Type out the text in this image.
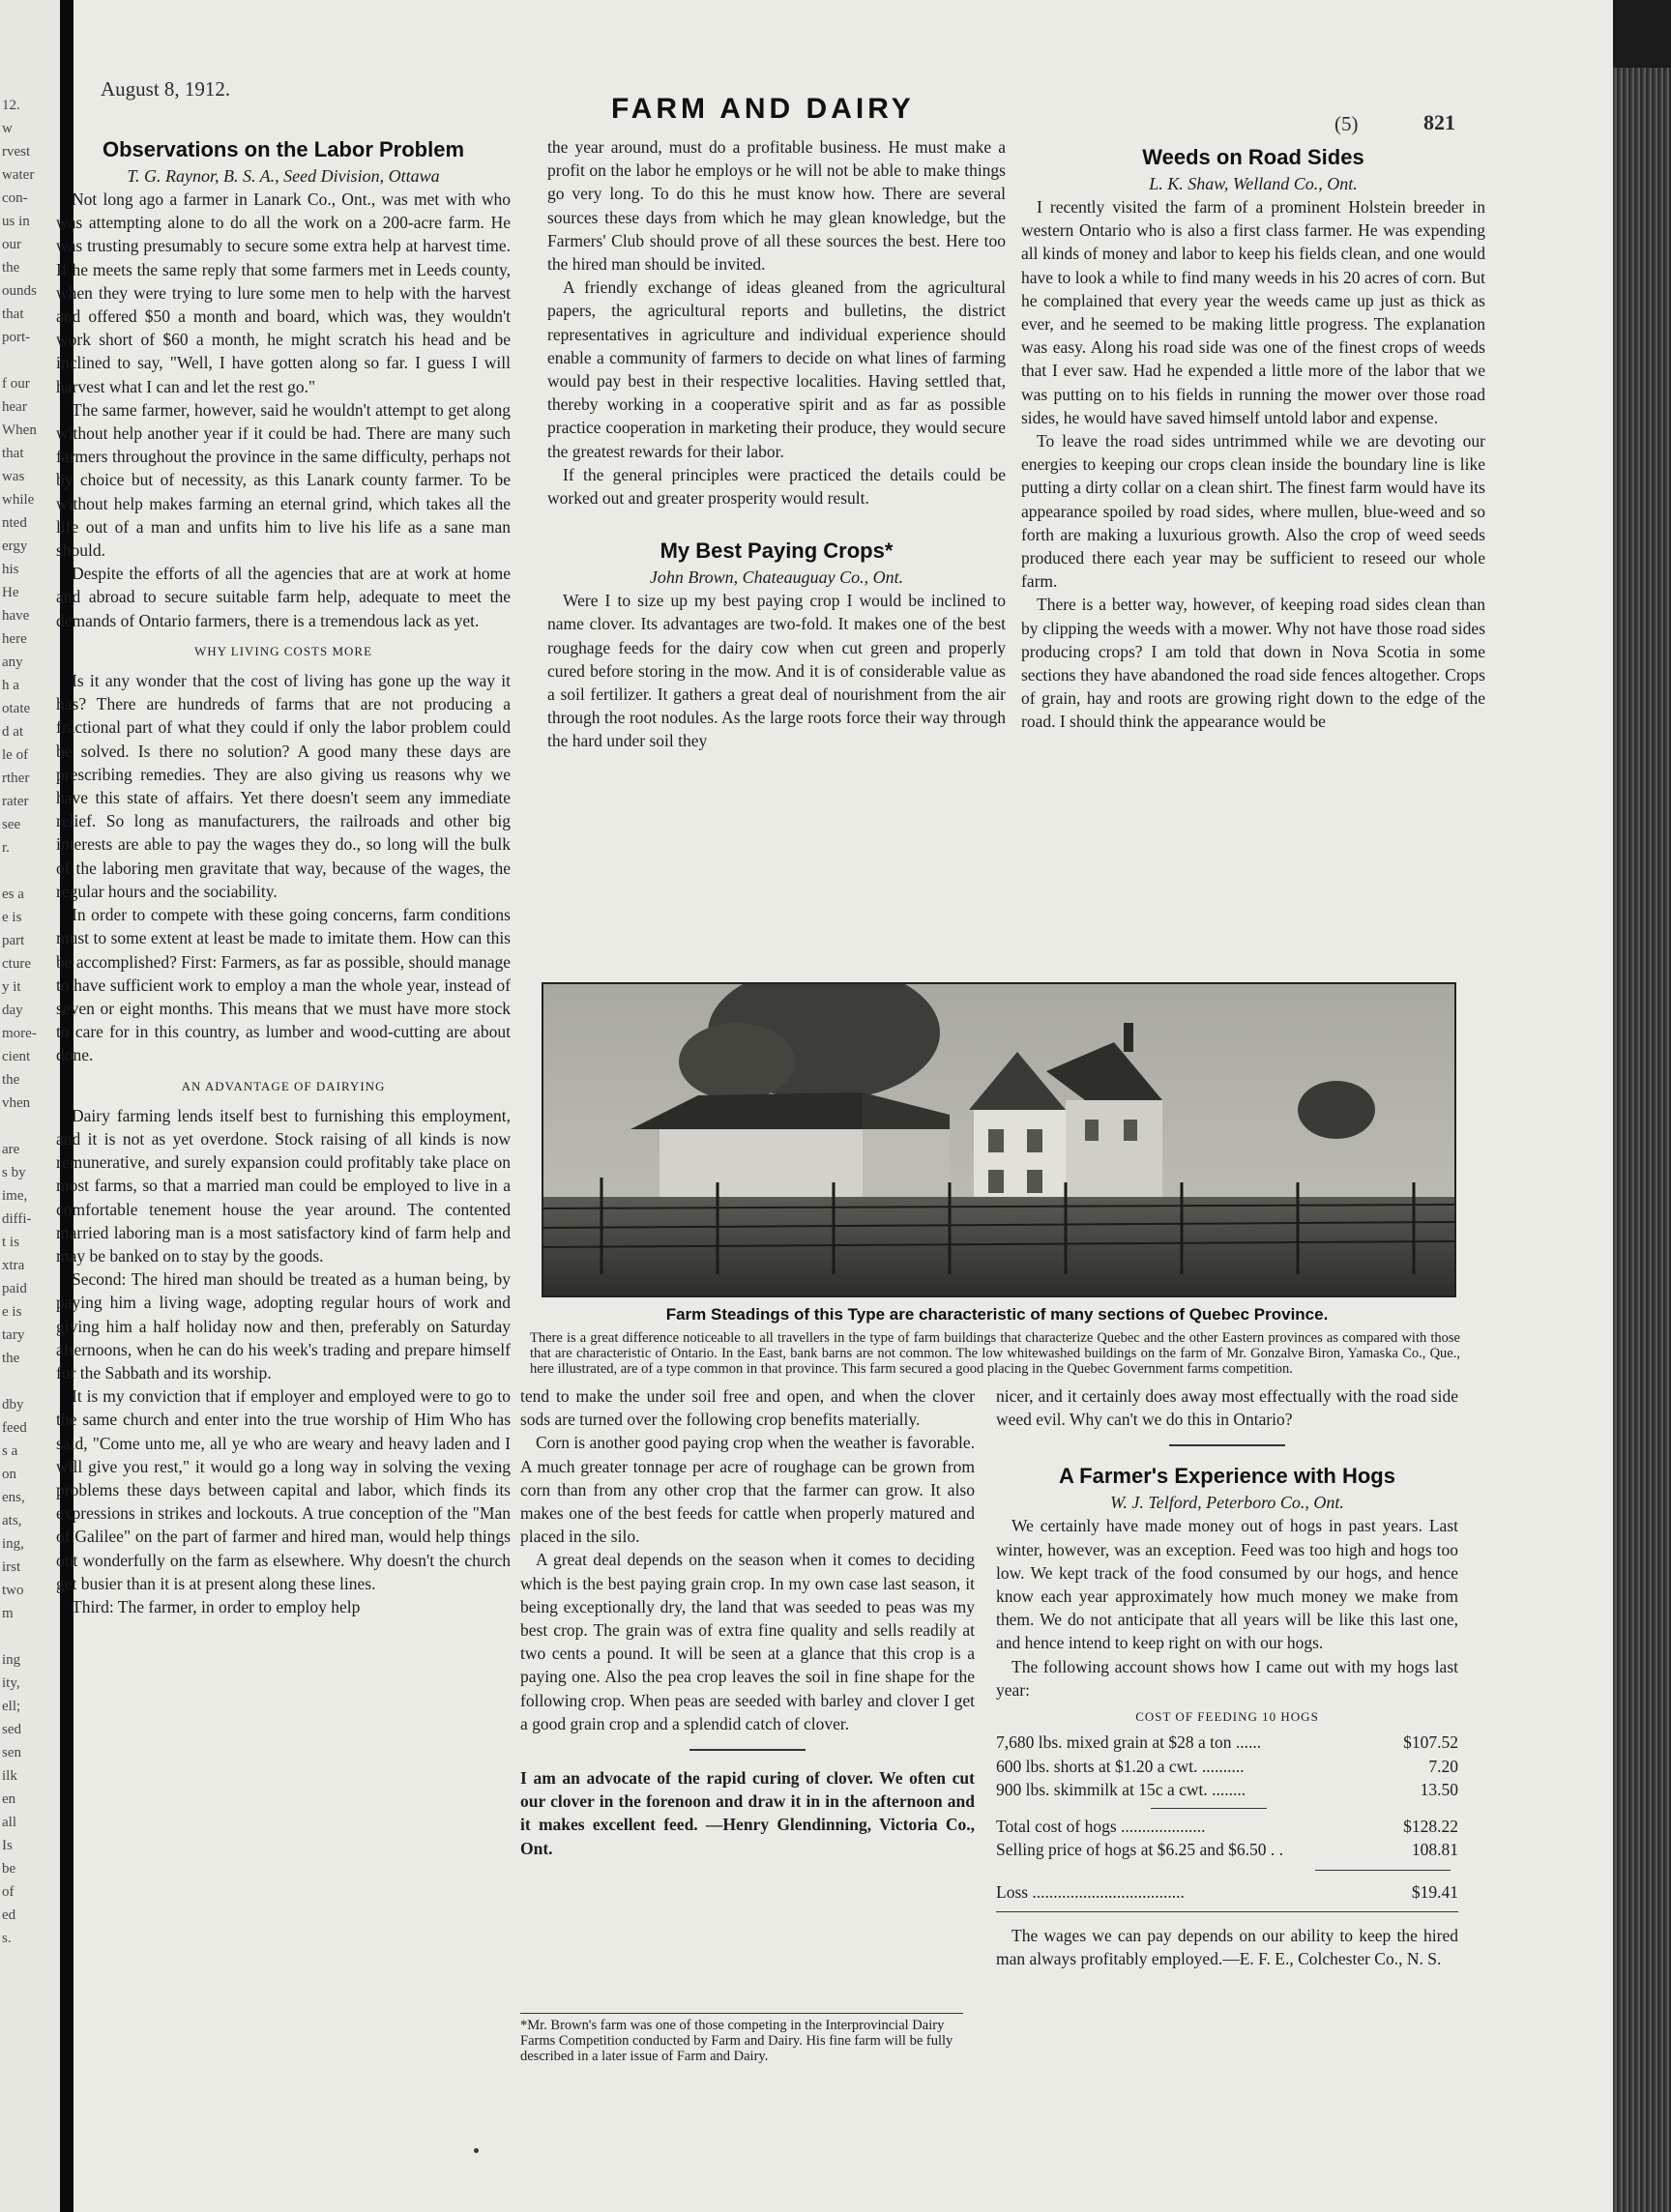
12.
w
rvest
water
con-
us in
our
the
ounds
that
port-
f our
hear
When
that
was
while
nted
ergy
his
He
have
here
any
h a
otate
d at
le of
rther
rater
see
r.
es a
e is
part
cture
y it
day
more-
cient
the
vhen
are
s by
ime,
diffi-
t is
xtra
paid
e is
tary
the
dby
feed
s a
on
ens,
ats,
ing,
irst
two
m
ing
ity,
ell;
sed
sen
ilk
en
all
Is
be
of
ed
s.
August 8, 1912.
FARM AND DAIRY	(5)	821
Observations on the Labor Problem
T. G. Raynor, B. S. A., Seed Division, Ottawa

Not long ago a farmer in Lanark Co., Ont., was met with who was attempting alone to do all the work on a 200-acre farm. He was trusting presumably to secure some extra help at harvest time. If he meets the same reply that some farmers met in Leeds county, when they were trying to lure some men to help with the harvest and offered $50 a month and board, which was, they wouldn't work short of $60 a month, he might scratch his head and be inclined to say, "Well, I have gotten along so far. I guess I will harvest what I can and let the rest go."

The same farmer, however, said he wouldn't attempt to get along without help another year if it could be had. There are many such farmers throughout the province in the same difficulty, perhaps not by choice but of necessity, as this Lanark county farmer. To be without help makes farming an eternal grind, which takes all the life out of a man and unfits him to live his life as a sane man should.

Despite the efforts of all the agencies that are at work at home and abroad to secure suitable farm help, adequate to meet the demands of Ontario farmers, there is a tremendous lack as yet.

WHY LIVING COSTS MORE

Is it any wonder that the cost of living has gone up the way it has? There are hundreds of farms that are not producing a fractional part of what they could if only the labor problem could be solved. Is there no solution? A good many these days are prescribing remedies. They are also giving us reasons why we have this state of affairs. Yet there doesn't seem any immediate relief. So long as manufacturers, the railroads and other big interests are able to pay the wages they do., so long will the bulk of the laboring men gravitate that way, because of the wages, the regular hours and the sociability.

In order to compete with these going concerns, farm conditions must to some extent at least be made to imitate them. How can this be accomplished? First: Farmers, as far as possible, should manage to have sufficient work to employ a man the whole year, instead of seven or eight months. This means that we must have more stock to care for in this country, as lumber and wood-cutting are about done.

AN ADVANTAGE OF DAIRYING

Dairy farming lends itself best to furnishing this employment, and it is not as yet overdone. Stock raising of all kinds is now remunerative, and surely expansion could profitably take place on most farms, so that a married man could be employed to live in a comfortable tenement house the year around. The contented married laboring man is a most satisfactory kind of farm help and may be banked on to stay by the goods.

Second: The hired man should be treated as a human being, by paying him a living wage, adopting regular hours of work and giving him a half holiday now and then, preferably on Saturday afternoons, when he can do his week's trading and prepare himself for the Sabbath and its worship.

It is my conviction that if employer and employed were to go to the same church and enter into the true worship of Him Who has said, "Come unto me, all ye who are weary and heavy laden and I will give you rest," it would go a long way in solving the vexing problems these days between capital and labor, which finds its expressions in strikes and lockouts. A true conception of the "Man of Galilee" on the part of farmer and hired man, would help things out wonderfully on the farm as elsewhere. Why doesn't the church get busier than it is at present along these lines.

Third: The farmer, in order to employ help

the year around, must do a profitable business. He must make a profit on the labor he employs or he will not be able to make things go very long. To do this he must know how. There are several sources these days from which he may glean knowledge, but the Farmers' Club should prove of all these sources the best. Here too the hired man should be invited.

A friendly exchange of ideas gleaned from the agricultural papers, the agricultural reports and bulletins, the district representatives in agriculture and individual experience should enable a community of farmers to decide on what lines of farming would pay best in their respective localities. Having settled that, thereby working in a cooperative spirit and as far as possible practice cooperation in marketing their produce, they would secure the greatest rewards for their labor.

If the general principles were practiced the details could be worked out and greater prosperity would result.

My Best Paying Crops*
John Brown, Chateauguay Co., Ont.

Were I to size up my best paying crop I would be inclined to name clover. Its advantages are two-fold. It makes one of the best roughage feeds for the dairy cow when cut green and properly cured before storing in the mow. And it is of considerable value as a soil fertilizer. It gathers a great deal of nourishment from the air through the root nodules. As the large roots force their way through the hard under soil they

Weeds on Road Sides
L. K. Shaw, Welland Co., Ont.

I recently visited the farm of a prominent Holstein breeder in western Ontario who is also a first class farmer. He was expending all kinds of money and labor to keep his fields clean, and one would have to look a while to find many weeds in his 20 acres of corn. But he complained that every year the weeds came up just as thick as ever, and he seemed to be making little progress. The explanation was easy. Along his road side was one of the finest crops of weeds that I ever saw. Had he expended a little more of the labor that we was putting on to his fields in running the mower over those road sides, he would have saved himself untold labor and expense.

To leave the road sides untrimmed while we are devoting our energies to keeping our crops clean inside the boundary line is like putting a dirty collar on a clean shirt. The finest farm would have its appearance spoiled by road sides, where mullen, blue-weed and so forth are making a luxurious growth. Also the crop of weed seeds produced there each year may be sufficient to reseed our whole farm.

There is a better way, however, of keeping road sides clean than by clipping the weeds with a mower. Why not have those road sides producing crops? I am told that down in Nova Scotia in some sections they have abandoned the road side fences altogether. Crops of grain, hay and roots are growing right down to the edge of the road. I should think the appearance would be

Farm Steadings of this Type are characteristic of many sections of Quebec Province.
There is a great difference noticeable to all travellers in the type of farm buildings that characterize Quebec and the other Eastern provinces as compared with those that are characteristic of Ontario. In the East, bank barns are not common. The low whitewashed buildings on the farm of Mr. Gonzalve Biron, Yamaska Co., Que., here illustrated, are of a type common in that province. This farm secured a good placing in the Quebec Government farms competition.

tend to make the under soil free and open, and when the clover sods are turned over the following crop benefits materially.

Corn is another good paying crop when the weather is favorable. A much greater tonnage per acre of roughage can be grown from corn than from any other crop that the farmer can grow. It also makes one of the best feeds for cattle when properly matured and placed in the silo.

A great deal depends on the season when it comes to deciding which is the best paying grain crop. In my own case last season, it being exceptionally dry, the land that was seeded to peas was my best crop. The grain was of extra fine quality and sells readily at two cents a pound. It will be seen at a glance that this crop is a paying one. Also the pea crop leaves the soil in fine shape for the following crop. When peas are seeded with barley and clover I get a good grain crop and a splendid catch of clover.

I am an advocate of the rapid curing of clover. We often cut our clover in the forenoon and draw it in in the afternoon and it makes excellent feed. —Henry Glendinning, Victoria Co., Ont.

*Mr. Brown's farm was one of those competing in the Interprovincial Dairy Farms Competition conducted by Farm and Dairy. His fine farm will be fully described in a later issue of Farm and Dairy.

nicer, and it certainly does away most effectually with the road side weed evil. Why can't we do this in Ontario?

A Farmer's Experience with Hogs
W. J. Telford, Peterboro Co., Ont.

We certainly have made money out of hogs in past years. Last winter, however, was an exception. Feed was too high and hogs too low. We kept track of the food consumed by our hogs, and hence know each year approximately how much money we make from them. We do not anticipate that all years will be like this last one, and hence intend to keep right on with our hogs.

The following account shows how I came out with my hogs last year:

COST OF FEEDING 10 HOGS
7,680 lbs. mixed grain at $28 a ton ......	$107.52
600 lbs. shorts at $1.20 a cwt. ..........	7.20
900 lbs. skimmilk at 15c a cwt. ........	13.50
Total cost of hogs ....................	$128.22
Selling price of hogs at $6.25 and $6.50 . .	108.81
Loss ....................................	$19.41

The wages we can pay depends on our ability to keep the hired man always profitably employed.—E. F. E., Colchester Co., N. S.
